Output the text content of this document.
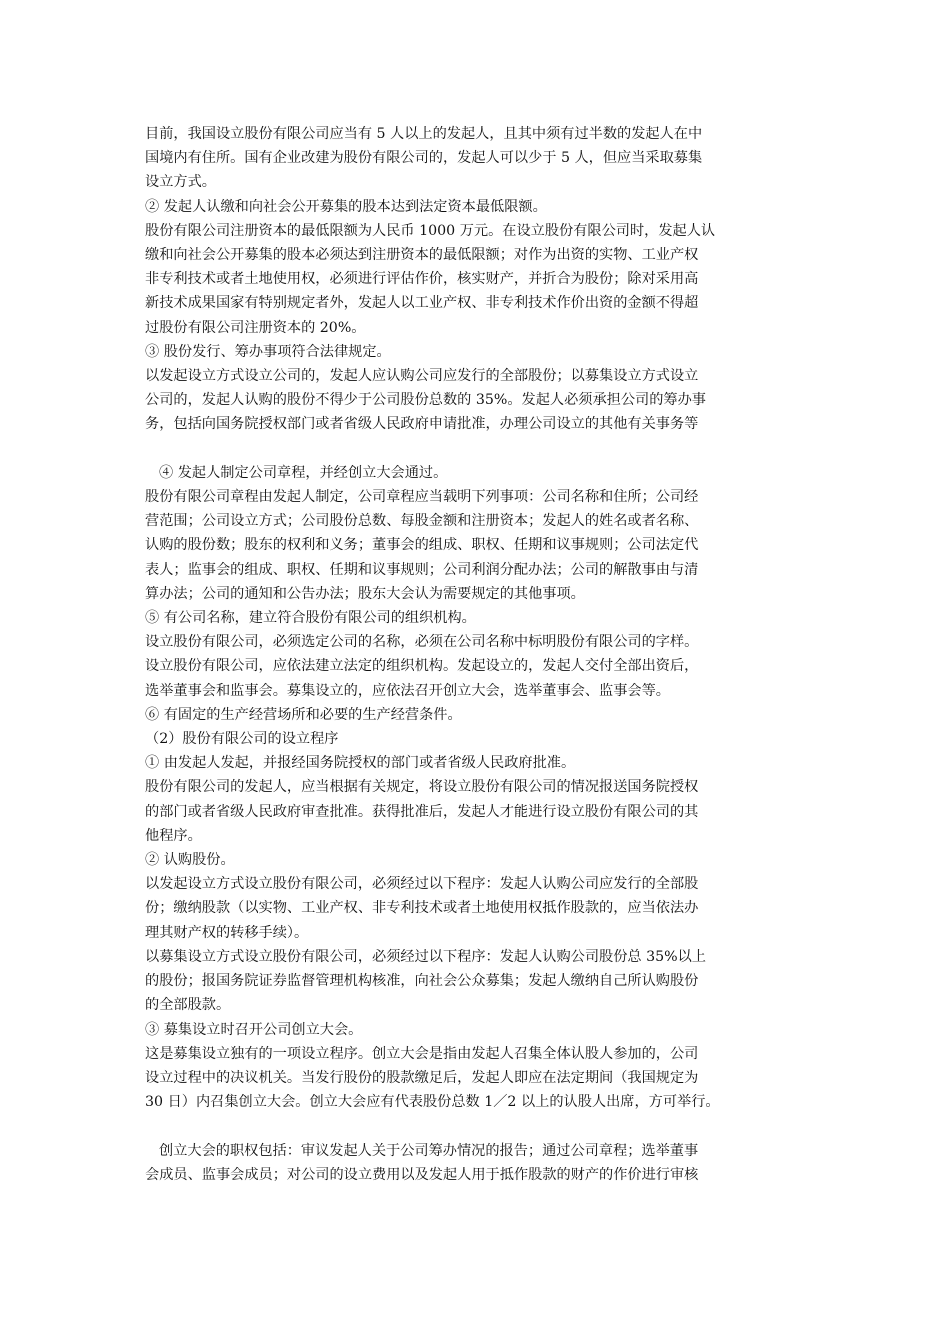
目前，我国设立股份有限公司应当有 5 人以上的发起人，且其中须有过半数的发起人在中

国境内有住所。国有企业改建为股份有限公司的，发起人可以少于 5 人，但应当采取募集

设立方式。

② 发起人认缴和向社会公开募集的股本达到法定资本最低限额。

股份有限公司注册资本的最低限额为人民币 1000 万元。在设立股份有限公司时，发起人认

缴和向社会公开募集的股本必须达到注册资本的最低限额；对作为出资的实物、工业产权

非专利技术或者土地使用权，必须进行评估作价，核实财产，并折合为股份；除对采用高

新技术成果国家有特别规定者外，发起人以工业产权、非专利技术作价出资的金额不得超

过股份有限公司注册资本的 20%。

③ 股份发行、筹办事项符合法律规定。

以发起设立方式设立公司的，发起人应认购公司应发行的全部股份；以募集设立方式设立

公司的，发起人认购的股份不得少于公司股份总数的 35%。发起人必须承担公司的筹办事

务，包括向国务院授权部门或者省级人民政府申请批准，办理公司设立的其他有关事务等

④ 发起人制定公司章程，并经创立大会通过。

股份有限公司章程由发起人制定，公司章程应当载明下列事项：公司名称和住所；公司经

营范围；公司设立方式；公司股份总数、每股金额和注册资本；发起人的姓名或者名称、

认购的股份数；股东的权利和义务；董事会的组成、职权、任期和议事规则；公司法定代

表人；监事会的组成、职权、任期和议事规则；公司利润分配办法；公司的解散事由与清

算办法；公司的通知和公告办法；股东大会认为需要规定的其他事项。

⑤ 有公司名称，建立符合股份有限公司的组织机构。

设立股份有限公司，必须选定公司的名称，必须在公司名称中标明股份有限公司的字样。

设立股份有限公司，应依法建立法定的组织机构。发起设立的，发起人交付全部出资后，

选举董事会和监事会。募集设立的，应依法召开创立大会，选举董事会、监事会等。

⑥ 有固定的生产经营场所和必要的生产经营条件。

（2）股份有限公司的设立程序

① 由发起人发起，并报经国务院授权的部门或者省级人民政府批准。

股份有限公司的发起人，应当根据有关规定，将设立股份有限公司的情况报送国务院授权

的部门或者省级人民政府审查批准。获得批准后，发起人才能进行设立股份有限公司的其

他程序。

② 认购股份。

以发起设立方式设立股份有限公司，必须经过以下程序：发起人认购公司应发行的全部股

份；缴纳股款（以实物、工业产权、非专利技术或者土地使用权抵作股款的，应当依法办

理其财产权的转移手续）。

以募集设立方式设立股份有限公司，必须经过以下程序：发起人认购公司股份总 35%以上

的股份；报国务院证券监督管理机构核准，向社会公众募集；发起人缴纳自己所认购股份

的全部股款。

③ 募集设立时召开公司创立大会。

这是募集设立独有的一项设立程序。创立大会是指由发起人召集全体认股人参加的，公司

设立过程中的决议机关。当发行股份的股款缴足后，发起人即应在法定期间（我国规定为

30 日）内召集创立大会。创立大会应有代表股份总数 1／2 以上的认股人出席，方可举行。

创立大会的职权包括：审议发起人关于公司筹办情况的报告；通过公司章程；选举董事

会成员、监事会成员；对公司的设立费用以及发起人用于抵作股款的财产的作价进行审核
